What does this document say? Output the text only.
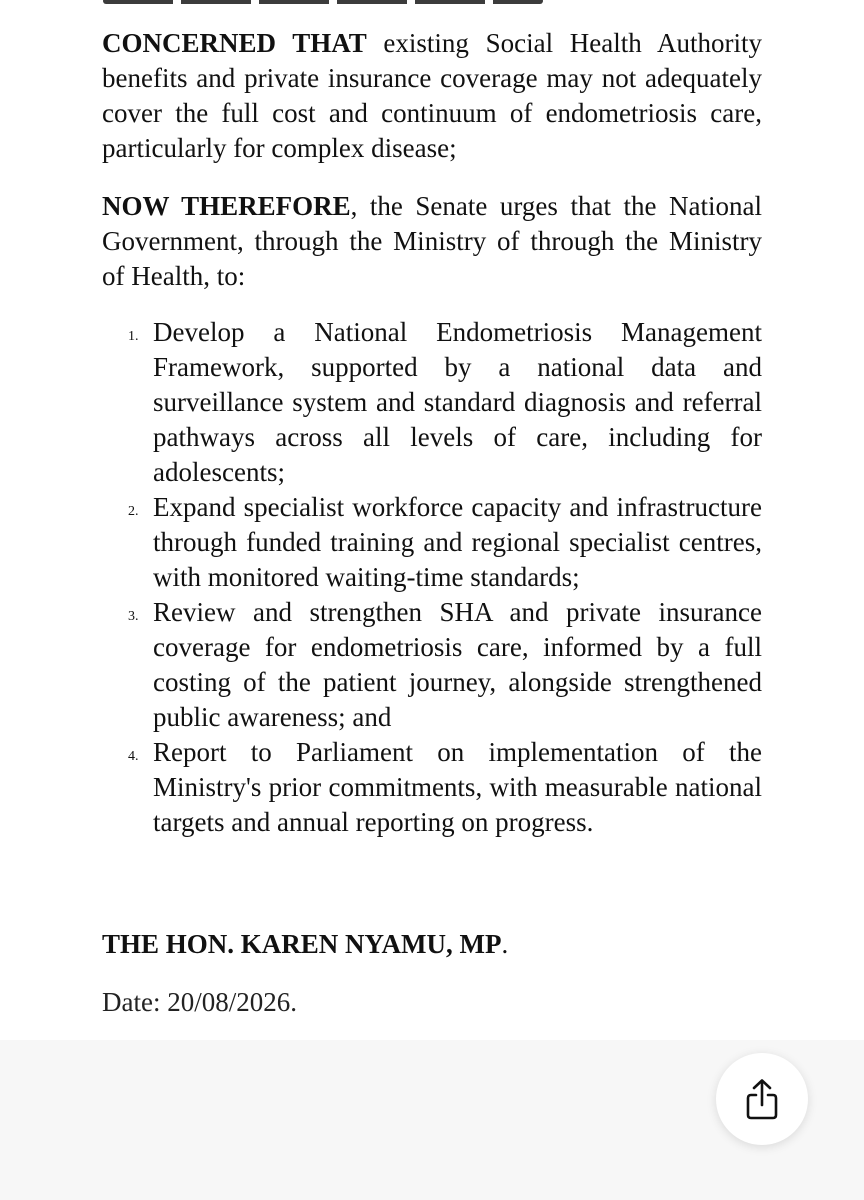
CONCERNED THAT existing Social Health Authority benefits and private insurance coverage may not adequately cover the full cost and continuum of endometriosis care, particularly for complex disease;

NOW THEREFORE, the Senate urges that the National Government, through the Ministry of through the Ministry of Health, to:

1. Develop a National Endometriosis Management Framework, supported by a national data and surveillance system and standard diagnosis and referral pathways across all levels of care, including for adolescents;
2. Expand specialist workforce capacity and infrastructure through funded training and regional specialist centres, with monitored waiting-time standards;
3. Review and strengthen SHA and private insurance coverage for endometriosis care, informed by a full costing of the patient journey, alongside strengthened public awareness; and
4. Report to Parliament on implementation of the Ministry's prior commitments, with measurable national targets and annual reporting on progress.

THE HON. KAREN NYAMU, MP.

Date: 20/08/2026.
